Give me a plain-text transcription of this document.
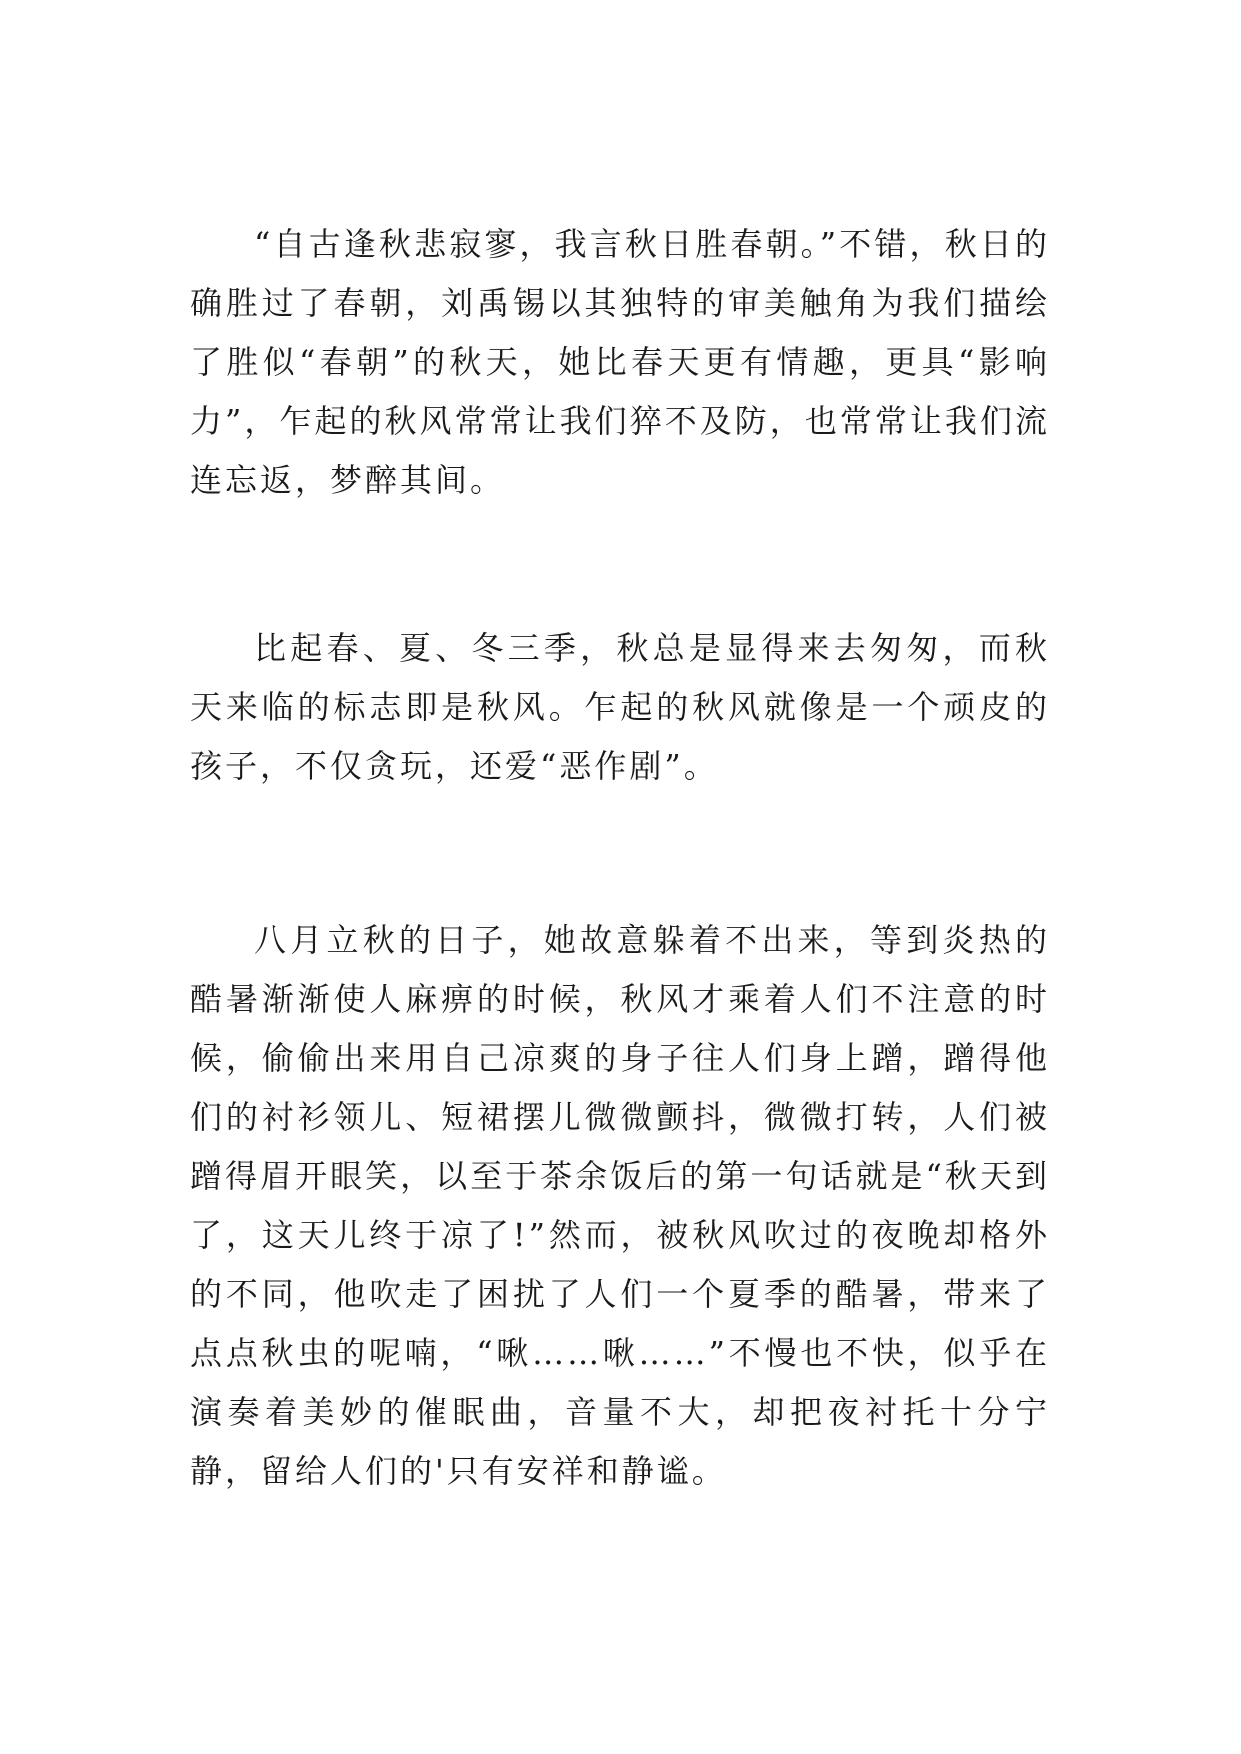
“自古逢秋悲寂寥，我言秋日胜春朝。”不错，秋日的确胜过了春朝，刘禹锡以其独特的审美触角为我们描绘了胜似“春朝”的秋天，她比春天更有情趣，更具“影响力”，乍起的秋风常常让我们猝不及防，也常常让我们流连忘返，梦醉其间。

比起春、夏、冬三季，秋总是显得来去匆匆，而秋天来临的标志即是秋风。乍起的秋风就像是一个顽皮的孩子，不仅贪玩，还爱“恶作剧”。

八月立秋的日子，她故意躲着不出来，等到炎热的酷暑渐渐使人麻痹的时候，秋风才乘着人们不注意的时候，偷偷出来用自己凉爽的身子往人们身上蹭，蹭得他们的衬衫领儿、短裙摆儿微微颤抖，微微打转，人们被蹭得眉开眼笑，以至于茶余饭后的第一句话就是“秋天到了，这天儿终于凉了!”然而，被秋风吹过的夜晚却格外的不同，他吹走了困扰了人们一个夏季的酷暑，带来了点点秋虫的呢喃，“啾……啾……”不慢也不快，似乎在演奏着美妙的催眠曲，音量不大，却把夜衬托十分宁静，留给人们的'只有安祥和静谧。
